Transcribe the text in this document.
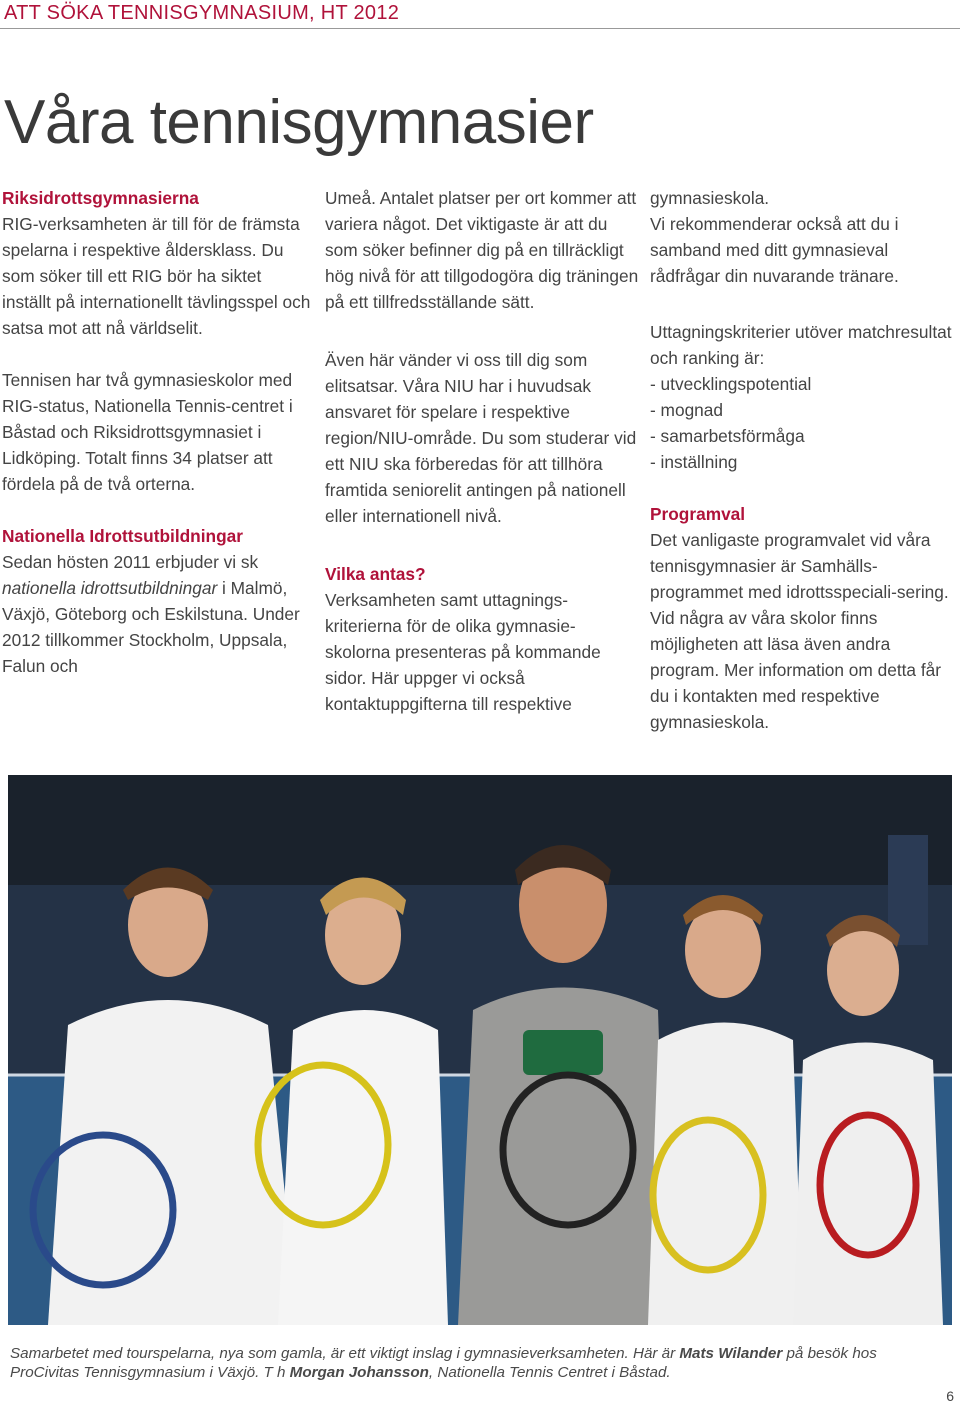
ATT SÖKA TENNISGYMNASIUM, HT 2012
Våra tennisgymnasier

Riksidrottsgymnasierna
RIG-verksamheten är till för de främsta spelarna i respektive åldersklass. Du som söker till ett RIG bör ha siktet inställt på internationellt tävlingsspel och satsa mot att nå världselit.

Tennisen har två gymnasieskolor med RIG-status, Nationella Tennis-centret i Båstad och Riksidrottsgymnasiet i Lidköping. Totalt finns 34 platser att fördela på de två orterna.

Nationella Idrottsutbildningar
Sedan hösten 2011 erbjuder vi sk nationella idrottsutbildningar i Malmö, Växjö, Göteborg och Eskilstuna. Under 2012 tillkommer Stockholm, Uppsala, Falun och

Umeå. Antalet platser per ort kommer att variera något. Det viktigaste är att du som söker befinner dig på en tillräckligt hög nivå för att tillgodogöra dig träningen på ett tillfredsställande sätt.

Även här vänder vi oss till dig som elitsatsar. Våra NIU har i huvudsak ansvaret för spelare i respektive region/NIU-område. Du som studerar vid ett NIU ska förberedas för att tillhöra framtida seniorelit antingen på nationell eller internationell nivå.

Vilka antas?
Verksamheten samt uttagnings-kriterierna för de olika gymnasie-skolorna presenteras på kommande sidor. Här uppger vi också kontaktuppgifterna till respektive

gymnasieskola.

Vi rekommenderar också att du i samband med ditt gymnasieval rådfrågar din nuvarande tränare.

Uttagningskriterier utöver matchresultat och ranking är:

- utvecklingspotential
- mognad
- samarbetsförmåga
- inställning

Programval
Det vanligaste programvalet vid våra tennisgymnasier är Samhälls-programmet med idrottsspeciali-sering. Vid några av våra skolor finns möjligheten att läsa även andra program. Mer information om detta får du i kontakten med respektive gymnasieskola.

Samarbetet med tourspelarna, nya som gamla, är ett viktigt inslag i gymnasieverksamheten. Här är Mats Wilander på besök hos ProCivitas Tennisgymnasium i Växjö. T h Morgan Johansson, Nationella Tennis Centret i Båstad.
6
